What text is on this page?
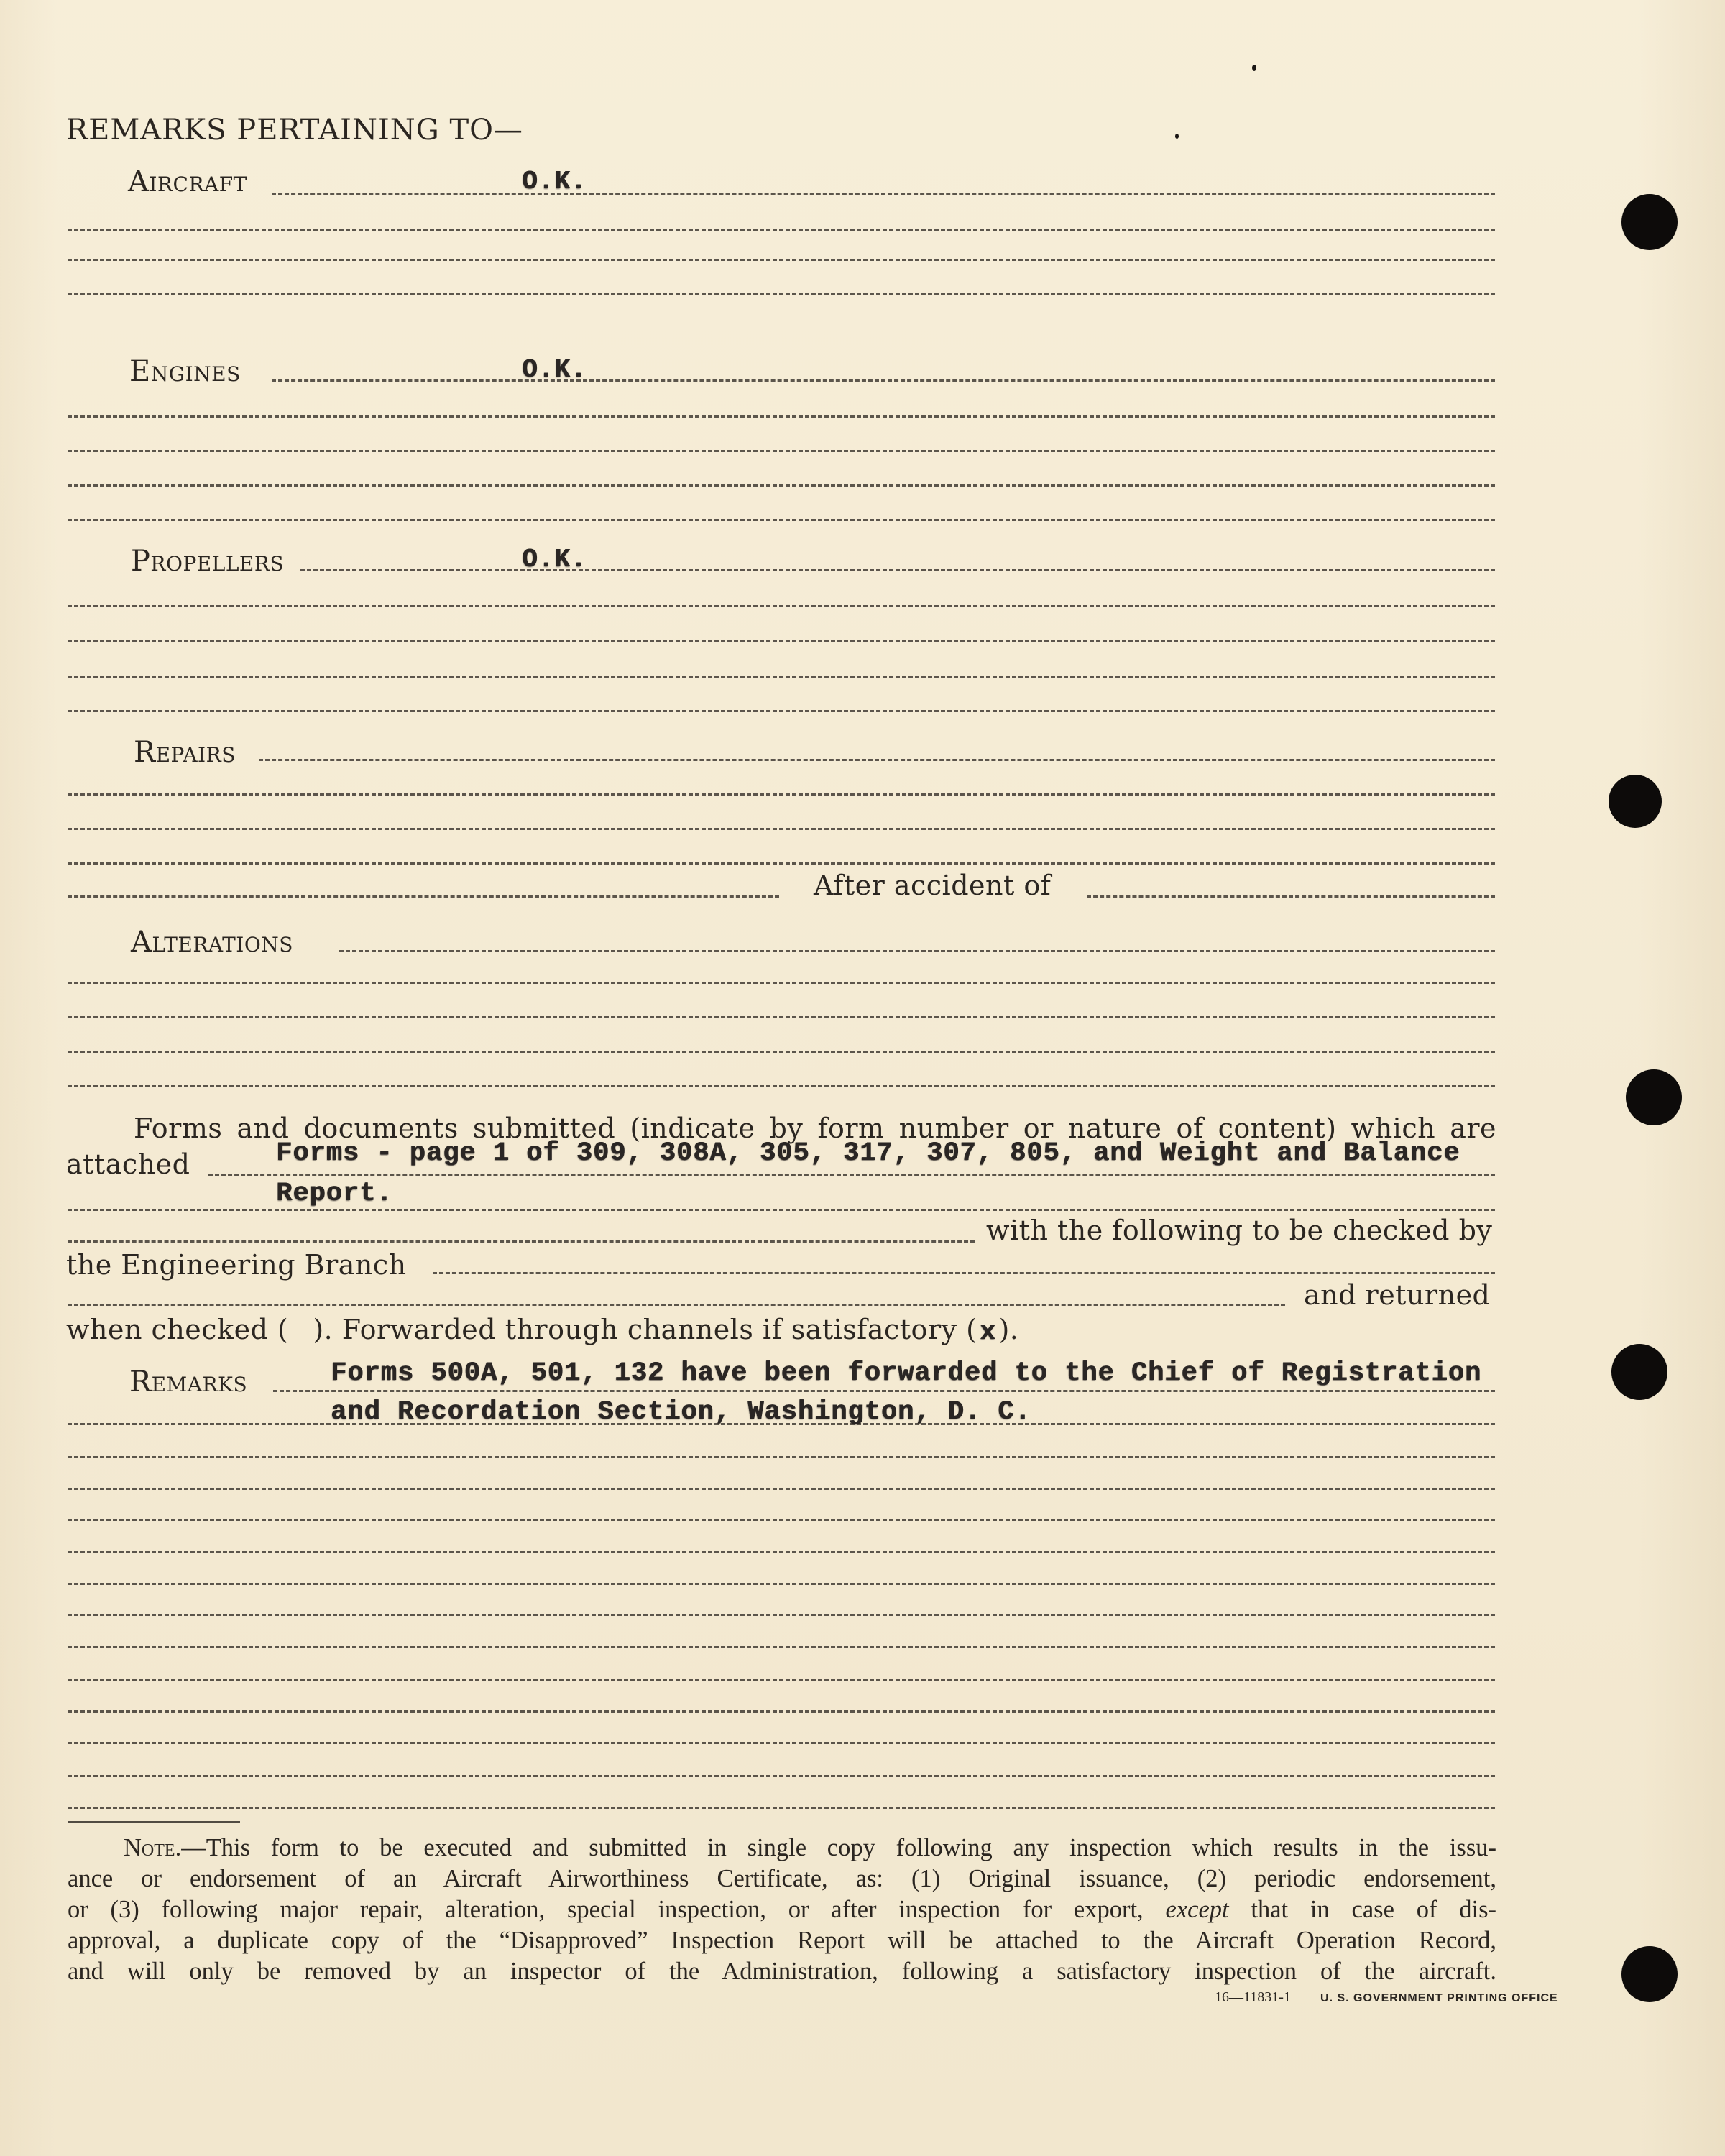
REMARKS PERTAINING TO—
Aircraft	O.K.
Engines	O.K.
Propellers	O.K.
Repairs
After accident of
Alterations
Forms and documents submitted (indicate by form number or nature of content) which are
attached	Forms - page 1 of 309, 308A, 305, 317, 307, 805, and Weight and Balance
Report.
with the following to be checked by
the Engineering Branch
and returned
when checked ( ). Forwarded through channels if satisfactory ( x).
Remarks	Forms 500A, 501, 132 have been forwarded to the Chief of Registration
and Recordation Section, Washington, D. C.
Note.—This form to be executed and submitted in single copy following any inspection which results in the issu-
ance or endorsement of an Aircraft Airworthiness Certificate, as: (1) Original issuance, (2) periodic endorsement,
or (3) following major repair, alteration, special inspection, or after inspection for export, except that in case of dis-
approval, a duplicate copy of the “Disapproved” Inspection Report will be attached to the Aircraft Operation Record,
and will only be removed by an inspector of the Administration, following a satisfactory inspection of the aircraft.
16—11831-1	U. S. GOVERNMENT PRINTING OFFICE
